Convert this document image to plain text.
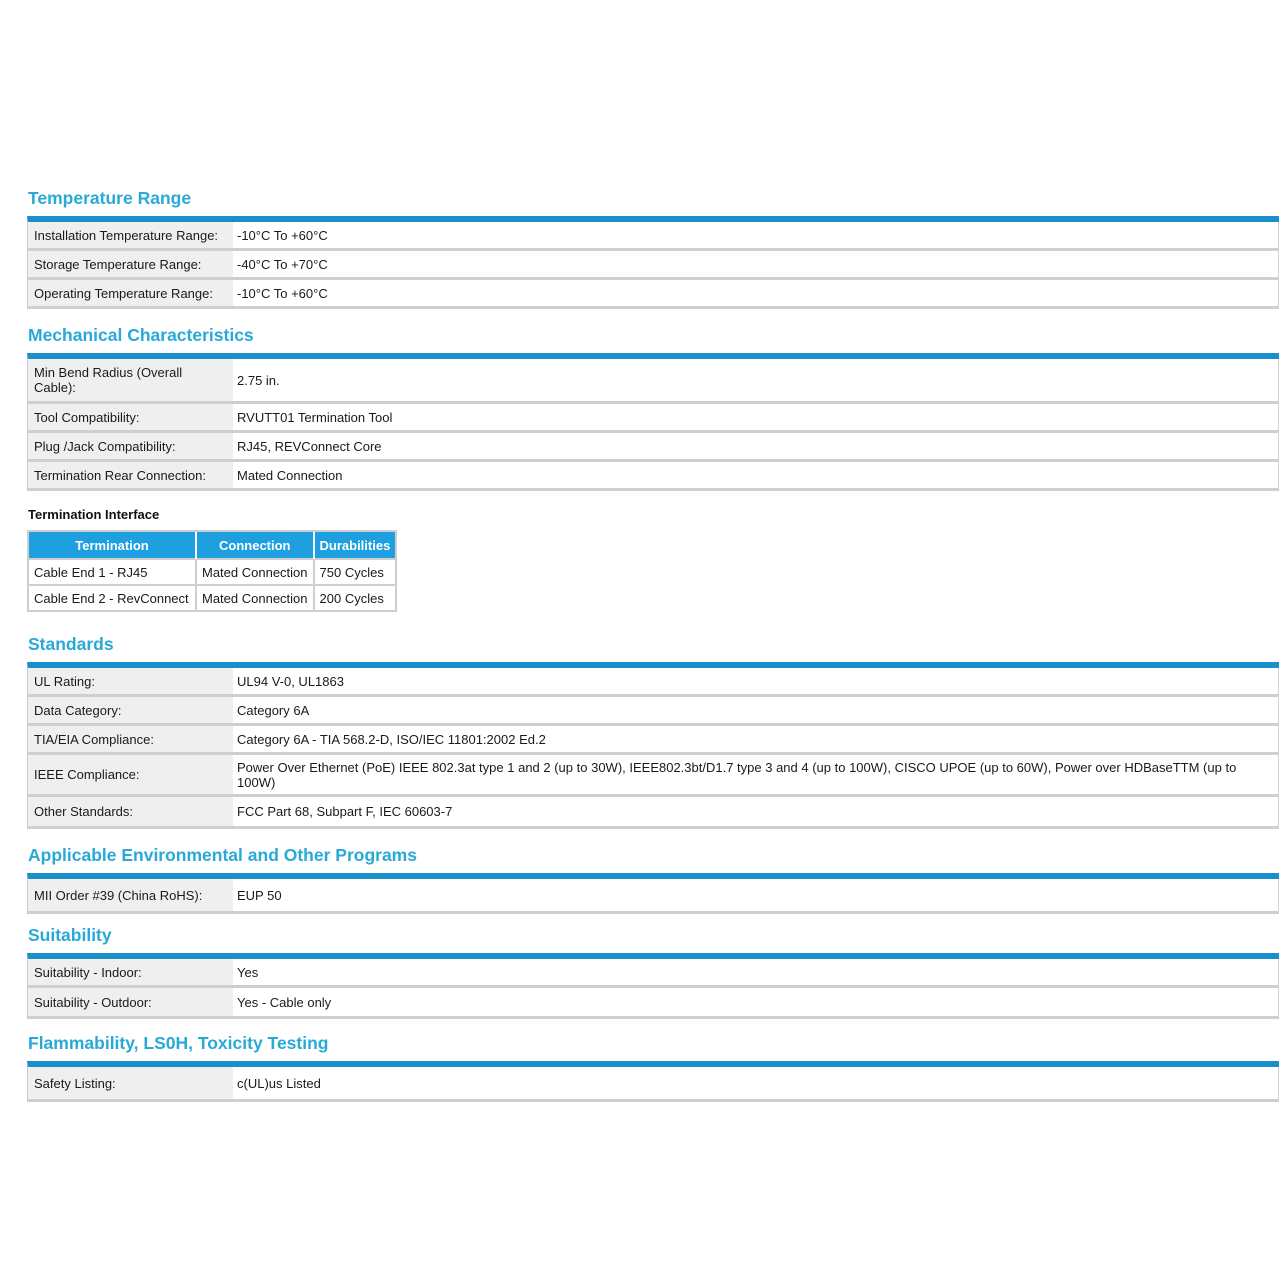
Temperature Range
Installation Temperature Range:	-10°C To +60°C
Storage Temperature Range:	-40°C To +70°C
Operating Temperature Range:	-10°C To +60°C
Mechanical Characteristics
Min Bend Radius (Overall Cable):	2.75 in.
Tool Compatibility:	RVUTT01 Termination Tool
Plug /Jack Compatibility:	RJ45, REVConnect Core
Termination Rear Connection:	Mated Connection
Termination Interface
Termination	Connection	Durabilities
Cable End 1 - RJ45	Mated Connection	750 Cycles
Cable End 2 - RevConnect	Mated Connection	200 Cycles
Standards
UL Rating:	UL94 V-0, UL1863
Data Category:	Category 6A
TIA/EIA Compliance:	Category 6A - TIA 568.2-D, ISO/IEC 11801:2002 Ed.2
IEEE Compliance:	Power Over Ethernet (PoE) IEEE 802.3at type 1 and 2 (up to 30W), IEEE802.3bt/D1.7 type 3 and 4 (up to 100W), CISCO UPOE (up to 60W), Power over HDBaseTTM (up to 100W)
Other Standards:	FCC Part 68, Subpart F, IEC 60603-7
Applicable Environmental and Other Programs
MII Order #39 (China RoHS):	EUP 50
Suitability
Suitability - Indoor:	Yes
Suitability - Outdoor:	Yes - Cable only
Flammability, LS0H, Toxicity Testing
Safety Listing:	c(UL)us Listed
